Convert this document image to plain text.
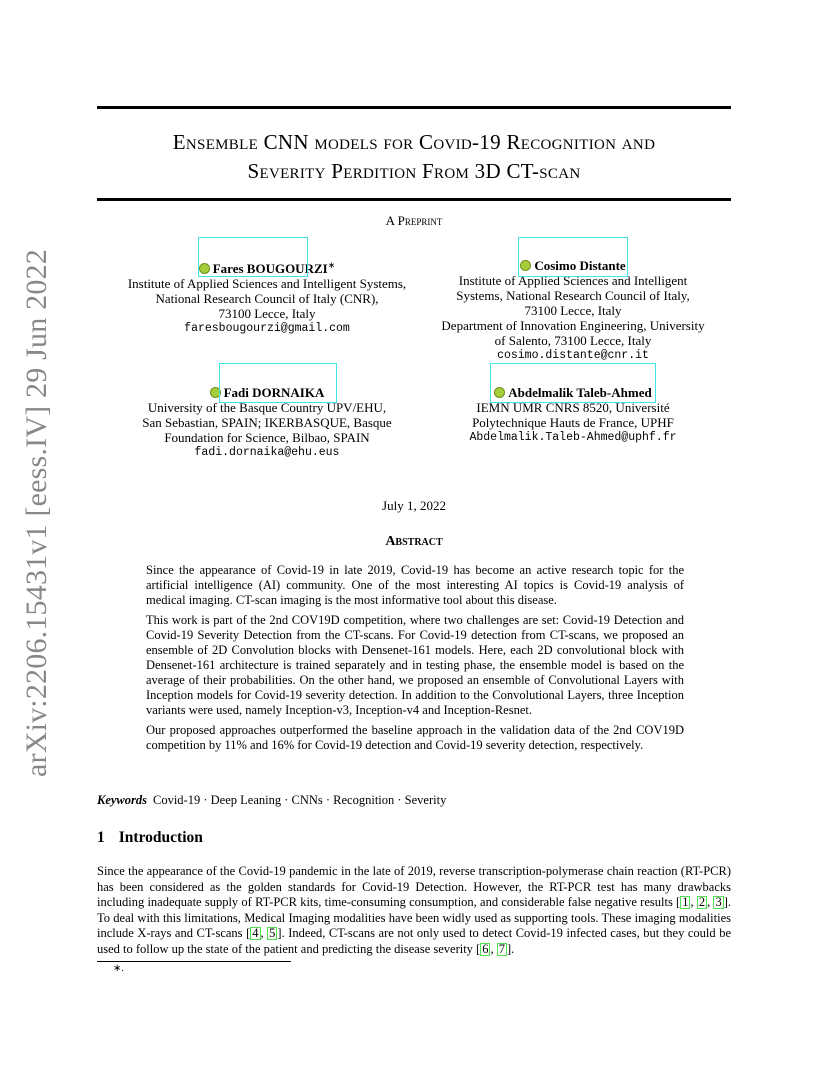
arXiv:2206.15431v1 [eess.IV] 29 Jun 2022
Ensemble CNN models for Covid-19 Recognition and
Severity Perdition From 3D CT-scan
A Preprint
Fares BOUGOURZI∗
Institute of Applied Sciences and Intelligent Systems,
National Research Council of Italy (CNR),
73100 Lecce, Italy
faresbougourzi@gmail.com
Cosimo Distante
Institute of Applied Sciences and Intelligent
Systems, National Research Council of Italy,
73100 Lecce, Italy
Department of Innovation Engineering, University
of Salento, 73100 Lecce, Italy
cosimo.distante@cnr.it
Fadi DORNAIKA
University of the Basque Country UPV/EHU,
San Sebastian, SPAIN; IKERBASQUE, Basque
Foundation for Science, Bilbao, SPAIN
fadi.dornaika@ehu.eus
Abdelmalik Taleb-Ahmed
IEMN UMR CNRS 8520, Université
Polytechnique Hauts de France, UPHF
Abdelmalik.Taleb-Ahmed@uphf.fr
July 1, 2022
Abstract

Since the appearance of Covid-19 in late 2019, Covid-19 has become an active research topic for the artificial intelligence (AI) community. One of the most interesting AI topics is Covid-19 analysis of medical imaging. CT-scan imaging is the most informative tool about this disease.

This work is part of the 2nd COV19D competition, where two challenges are set: Covid-19 Detection and Covid-19 Severity Detection from the CT-scans. For Covid-19 detection from CT-scans, we proposed an ensemble of 2D Convolution blocks with Densenet-161 models. Here, each 2D convolutional block with Densenet-161 architecture is trained separately and in testing phase, the ensemble model is based on the average of their probabilities. On the other hand, we proposed an ensemble of Convolutional Layers with Inception models for Covid-19 severity detection. In addition to the Convolutional Layers, three Inception variants were used, namely Inception-v3, Inception-v4 and Inception-Resnet.

Our proposed approaches outperformed the baseline approach in the validation data of the 2nd COV19D competition by 11% and 16% for Covid-19 detection and Covid-19 severity detection, respectively.

Keywords Covid-19 · Deep Leaning · CNNs · Recognition · Severity
1 Introduction

Since the appearance of the Covid-19 pandemic in the late of 2019, reverse transcription-polymerase chain reaction (RT-PCR) has been considered as the golden standards for Covid-19 Detection. However, the RT-PCR test has many drawbacks including inadequate supply of RT-PCR kits, time-consuming consumption, and considerable false negative results [ 1 , 2 , 3 ]. To deal with this limitations, Medical Imaging modalities have been widly used as supporting tools. These imaging modalities include X-rays and CT-scans [ 4 , 5 ]. Indeed, CT-scans are not only used to detect Covid-19 infected cases, but they could be used to follow up the state of the patient and predicting the disease severity [ 6 , 7 ].

∗.
